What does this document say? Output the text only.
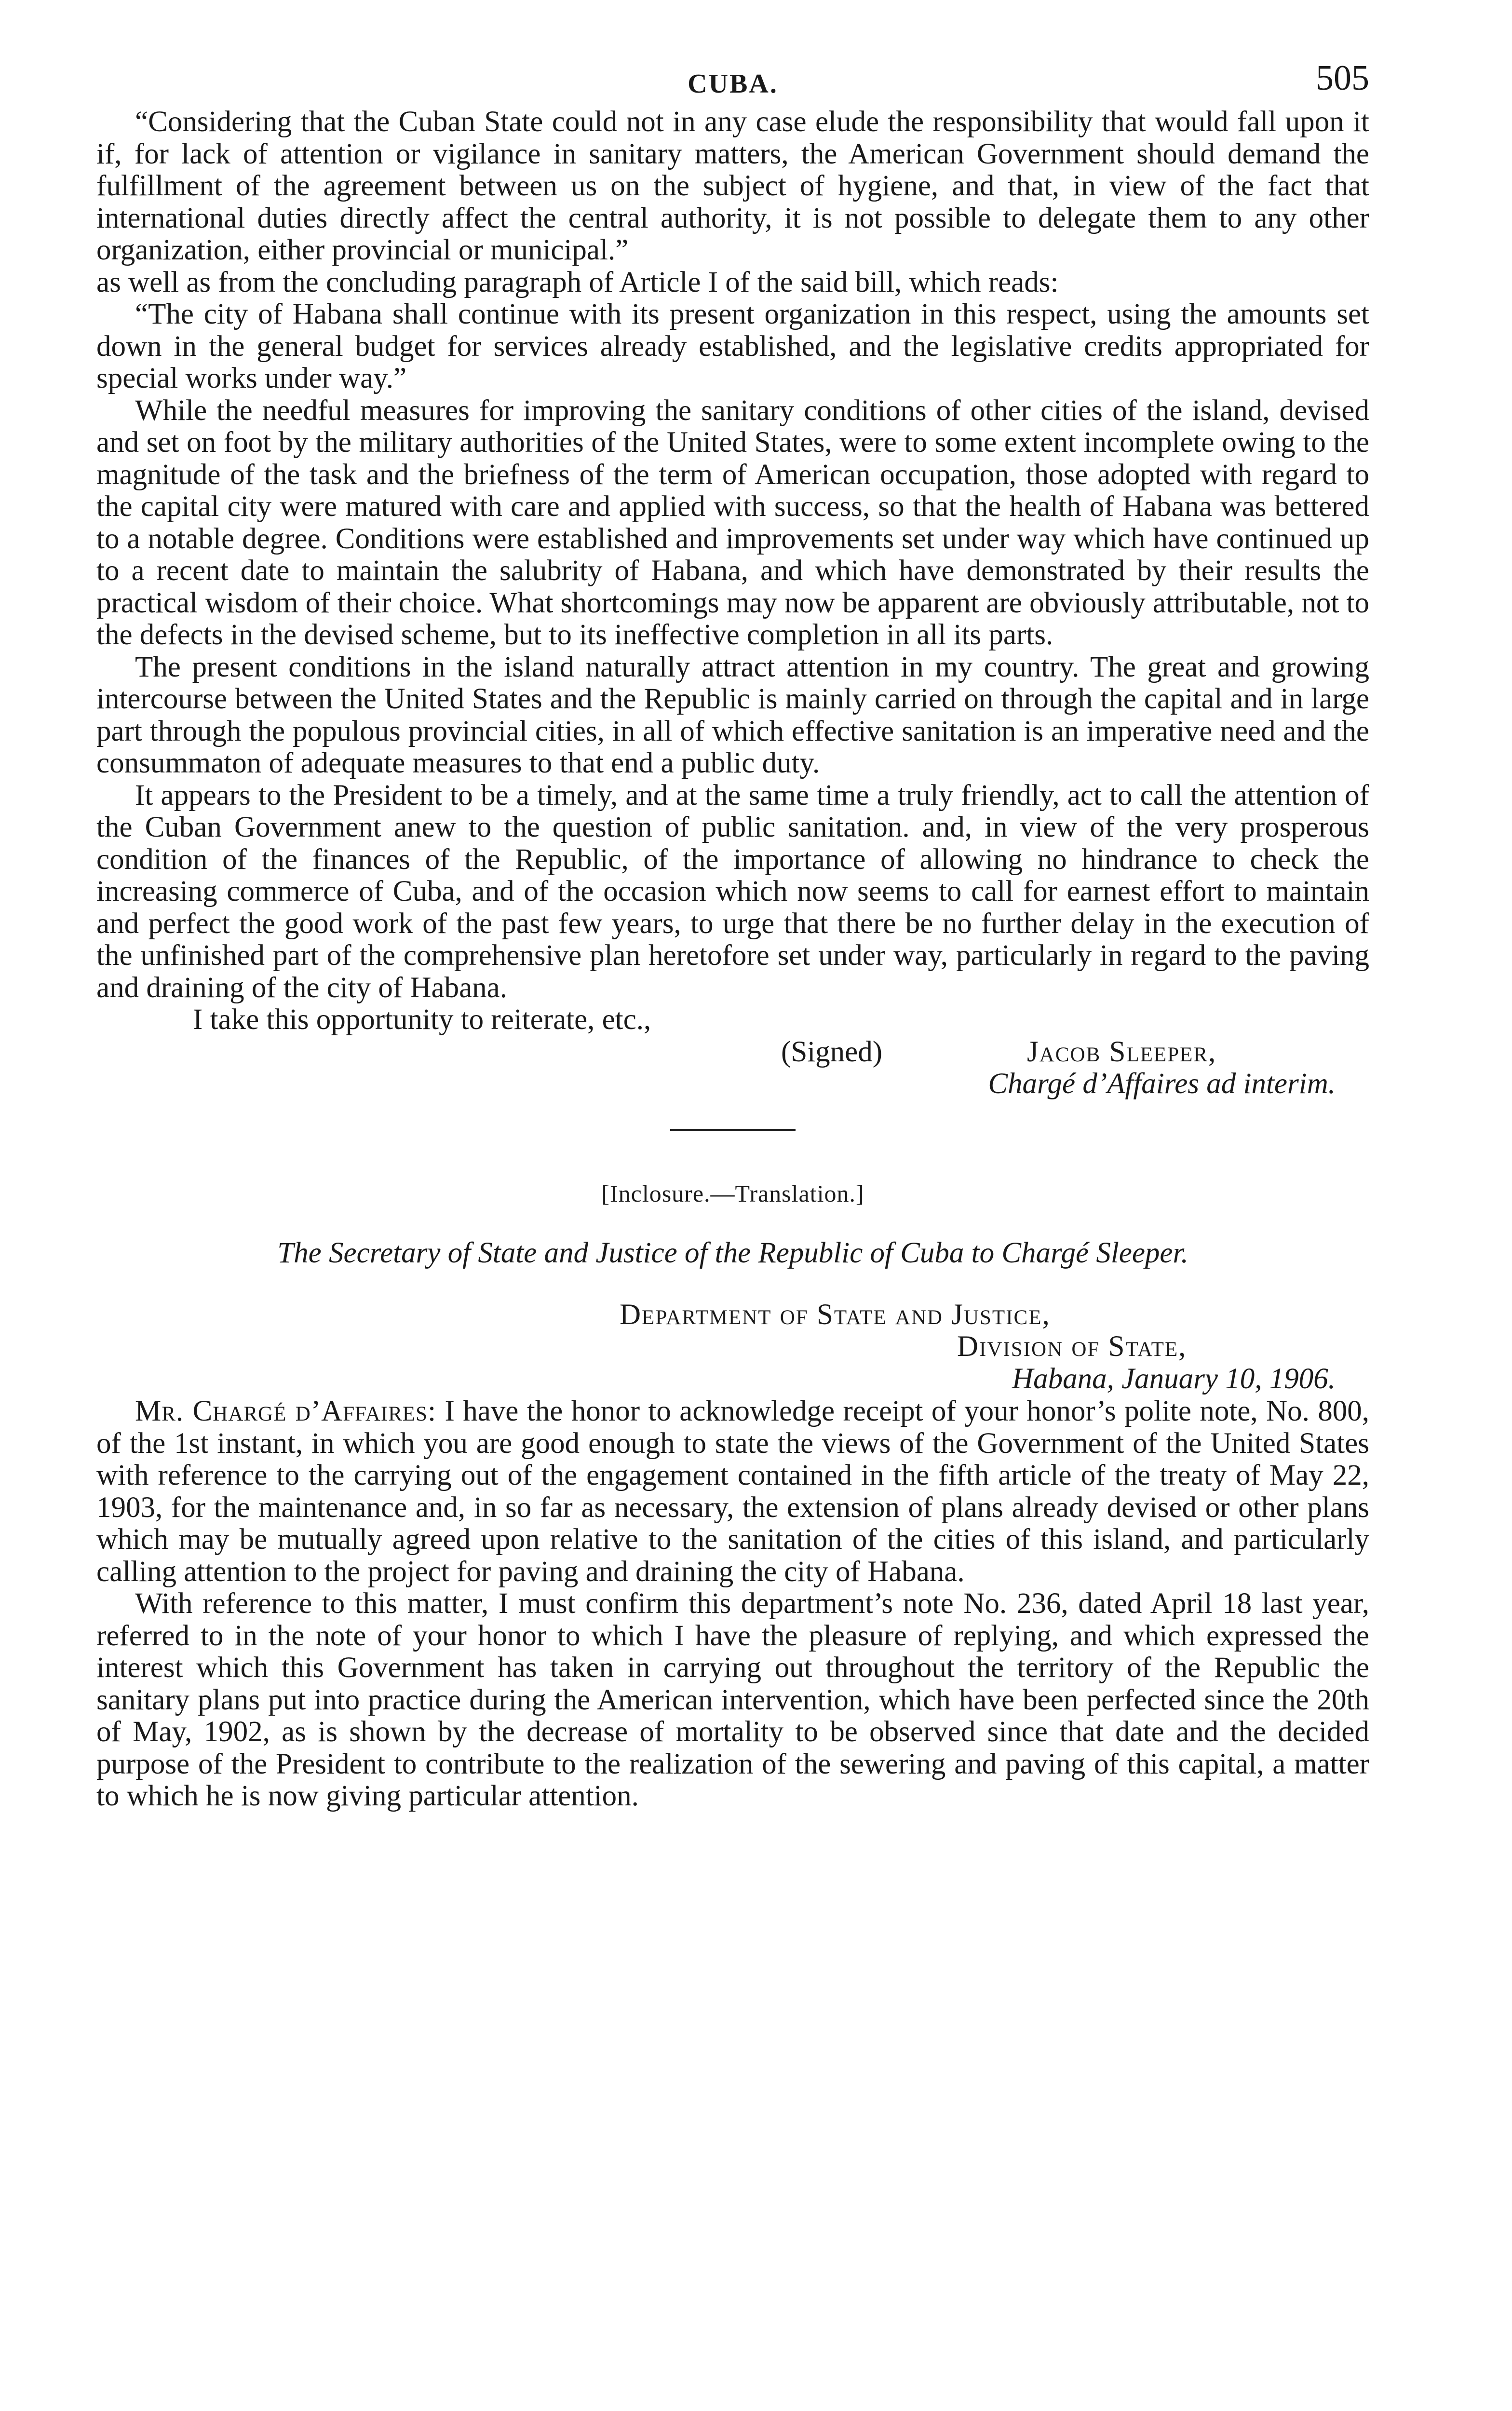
CUBA.	505

“Considering that the Cuban State could not in any case elude the responsibility that would fall upon it if, for lack of attention or vigilance in sanitary matters, the American Government should demand the fulfillment of the agreement between us on the subject of hygiene, and that, in view of the fact that international duties directly affect the central authority, it is not possible to delegate them to any other organization, either provincial or municipal.”

as well as from the concluding paragraph of Article I of the said bill, which reads:

“The city of Habana shall continue with its present organization in this respect, using the amounts set down in the general budget for services already established, and the legislative credits appropriated for special works under way.”

While the needful measures for improving the sanitary conditions of other cities of the island, devised and set on foot by the military authorities of the United States, were to some extent incomplete owing to the magnitude of the task and the briefness of the term of American occupation, those adopted with regard to the capital city were matured with care and applied with success, so that the health of Habana was bettered to a notable degree. Conditions were established and improvements set under way which have continued up to a recent date to maintain the salubrity of Habana, and which have demonstrated by their results the practical wisdom of their choice. What shortcomings may now be apparent are obviously attributable, not to the defects in the devised scheme, but to its ineffective completion in all its parts.

The present conditions in the island naturally attract attention in my country. The great and growing intercourse between the United States and the Republic is mainly carried on through the capital and in large part through the populous provincial cities, in all of which effective sanitation is an imperative need and the consummaton of adequate measures to that end a public duty.

It appears to the President to be a timely, and at the same time a truly friendly, act to call the attention of the Cuban Government anew to the question of public sanitation. and, in view of the very prosperous condition of the finances of the Republic, of the importance of allowing no hindrance to check the increasing commerce of Cuba, and of the occasion which now seems to call for earnest effort to maintain and perfect the good work of the past few years, to urge that there be no further delay in the execution of the unfinished part of the comprehensive plan heretofore set under way, particularly in regard to the paving and draining of the city of Habana.

I take this opportunity to reiterate, etc.,

(Signed)	Jacob Sleeper,
Chargé d’Affaires ad interim.
[Inclosure.—Translation.]
The Secretary of State and Justice of the Republic of Cuba to Chargé Sleeper.
Department of State and Justice,
Division of State,
Habana, January 10, 1906.

Mr. Chargé d’Affaires: I have the honor to acknowledge receipt of your honor’s polite note, No. 800, of the 1st instant, in which you are good enough to state the views of the Government of the United States with reference to the carrying out of the engagement contained in the fifth article of the treaty of May 22, 1903, for the maintenance and, in so far as necessary, the extension of plans already devised or other plans which may be mutually agreed upon relative to the sanitation of the cities of this island, and particularly calling attention to the project for paving and draining the city of Habana.

With reference to this matter, I must confirm this department’s note No. 236, dated April 18 last year, referred to in the note of your honor to which I have the pleasure of replying, and which expressed the interest which this Government has taken in carrying out throughout the territory of the Republic the sanitary plans put into practice during the American intervention, which have been perfected since the 20th of May, 1902, as is shown by the decrease of mortality to be observed since that date and the decided purpose of the President to contribute to the realization of the sewering and paving of this capital, a matter to which he is now giving particular attention.
